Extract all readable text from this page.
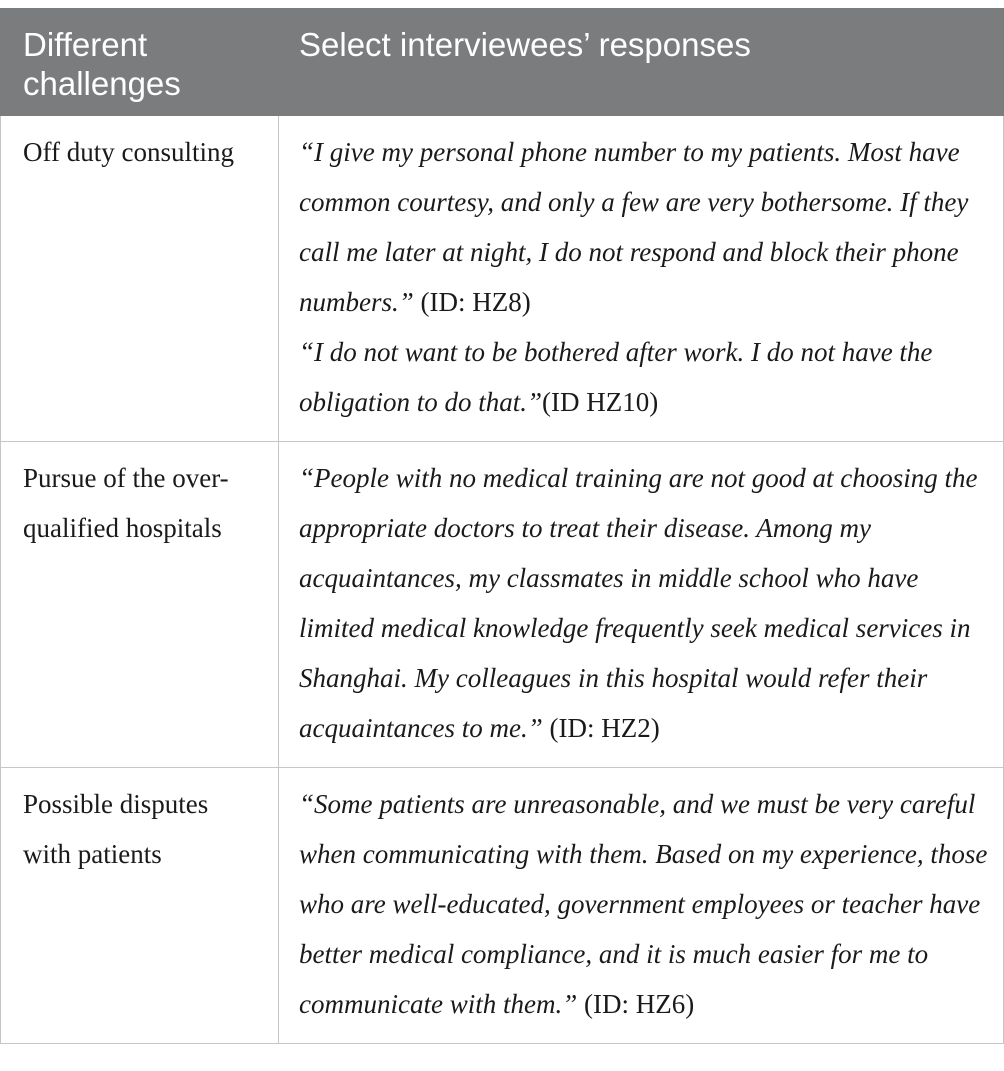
Different challenges	Select interviewees’ responses
Off duty consulting	“I give my personal phone number to my patients. Most have common courtesy, and only a few are very bothersome. If they call me later at night, I do not respond and block their phone numbers.” (ID: HZ8)
“I do not want to be bothered after work. I do not have the obligation to do that.”(ID HZ10)

Pursue of the over-qualified hospitals	“People with no medical training are not good at choosing the appropriate doctors to treat their disease. Among my acquaintances, my classmates in middle school who have limited medical knowledge frequently seek medical services in Shanghai. My colleagues in this hospital would refer their acquaintances to me.” (ID: HZ2)

Possible disputes with patients	“Some patients are unreasonable, and we must be very careful when communicating with them. Based on my experience, those who are well-educated, government employees or teacher have better medical compliance, and it is much easier for me to communicate with them.” (ID: HZ6)
